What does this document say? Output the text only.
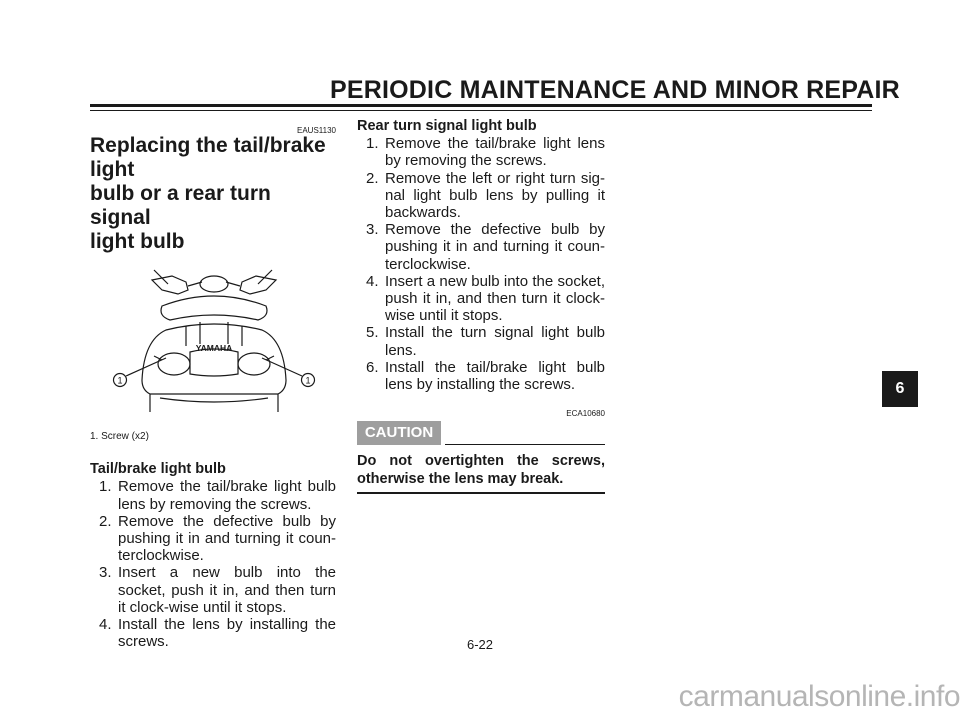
PERIODIC MAINTENANCE AND MINOR REPAIR
EAUS1130
Replacing the tail/brake light
bulb or a rear turn signal
light bulb
YAMAHA
1	1
1. Screw (x2)
Tail/brake light bulb
1. Remove the tail/brake light bulb lens by removing the screws.
2. Remove the defective bulb by pushing it in and turning it coun-terclockwise.
3. Insert a new bulb into the socket, push it in, and then turn it clock-wise until it stops.
4. Install the lens by installing the screws.
Rear turn signal light bulb
1. Remove the tail/brake light lens by removing the screws.
2. Remove the left or right turn sig-nal light bulb lens by pulling it backwards.
3. Remove the defective bulb by pushing it in and turning it coun-terclockwise.
4. Insert a new bulb into the socket, push it in, and then turn it clock-wise until it stops.
5. Install the turn signal light bulb lens.
6. Install the tail/brake light bulb lens by installing the screws.
ECA10680
CAUTION
Do not overtighten the screws, otherwise the lens may break.
6
6-22
carmanualsonline.info
